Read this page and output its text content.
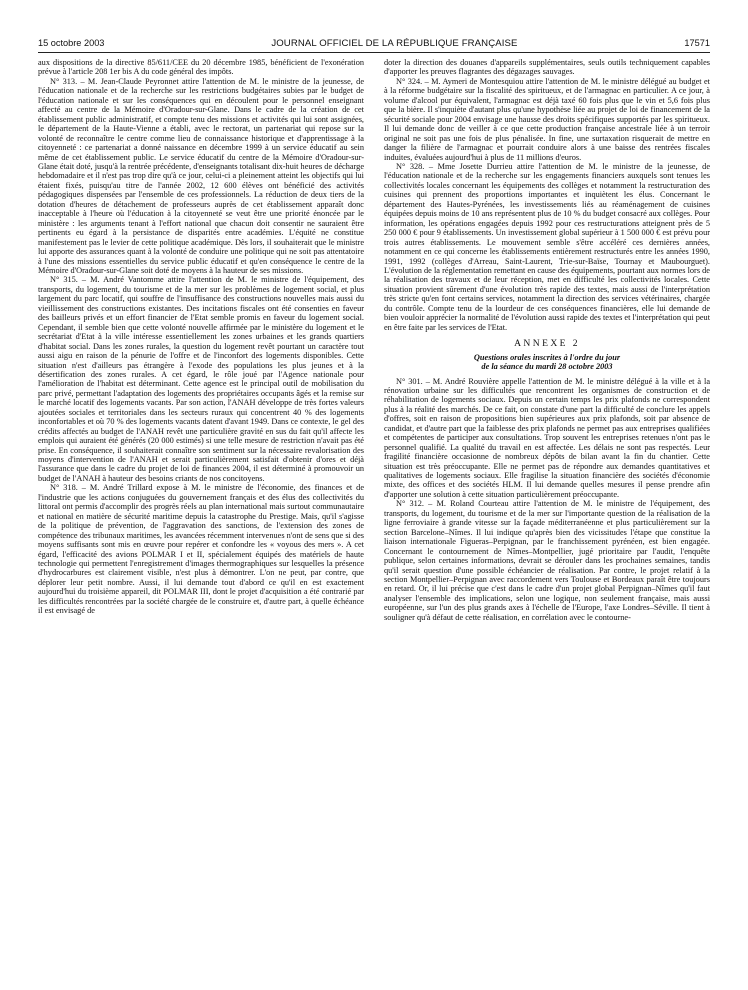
15 octobre 2003	JOURNAL OFFICIEL DE LA RÉPUBLIQUE FRANÇAISE	17571

aux dispositions de la directive 85/611/CEE du 20 décembre 1985, bénéficient de l'exonération prévue à l'article 208 1er bis A du code général des impôts.

N° 313. – M. Jean-Claude Peyronnet attire l'attention de M. le ministre de la jeunesse, de l'éducation nationale et de la recherche sur les restrictions budgétaires subies par le budget de l'éducation nationale et sur les conséquences qui en découlent pour le personnel enseignant affecté au centre de la Mémoire d'Oradour-sur-Glane. Dans le cadre de la création de cet établissement public administratif, et compte tenu des missions et activités qui lui sont assignées, le département de la Haute-Vienne a établi, avec le rectorat, un partenariat qui repose sur la volonté de reconnaître le centre comme lieu de connaissance historique et d'apprentissage à la citoyenneté : ce partenariat a donné naissance en décembre 1999 à un service éducatif au sein même de cet établissement public. Le service éducatif du centre de la Mémoire d'Oradour-sur-Glane était doté, jusqu'à la rentrée précédente, d'enseignants totalisant dix-huit heures de décharge hebdomadaire et il n'est pas trop dire qu'à ce jour, celui-ci a pleinement atteint les objectifs qui lui étaient fixés, puisqu'au titre de l'année 2002, 12 600 élèves ont bénéficié des activités pédagogiques dispensées par l'ensemble de ces professionnels. La réduction de deux tiers de la dotation d'heures de détachement de professeurs auprès de cet établissement apparaît donc inacceptable à l'heure où l'éducation à la citoyenneté se veut être une priorité énoncée par le ministère : les arguments tenant à l'effort national que chacun doit consentir ne sauraient être pertinents eu égard à la persistance de disparités entre académies. L'équité ne constitue manifestement pas le levier de cette politique académique. Dès lors, il souhaiterait que le ministre lui apporte des assurances quant à la volonté de conduire une politique qui ne soit pas attentatoire à l'une des missions essentielles du service public éducatif et qu'en conséquence le centre de la Mémoire d'Oradour-sur-Glane soit doté de moyens à la hauteur de ses missions.

N° 315. – M. André Vantomme attire l'attention de M. le ministre de l'équipement, des transports, du logement, du tourisme et de la mer sur les problèmes de logement social, et plus largement du parc locatif, qui souffre de l'insuffisance des constructions nouvelles mais aussi du vieillissement des constructions existantes. Des incitations fiscales ont été consenties en faveur des bailleurs privés et un effort financier de l'Etat semble promis en faveur du logement social. Cependant, il semble bien que cette volonté nouvelle affirmée par le ministère du logement et le secrétariat d'Etat à la ville intéresse essentiellement les zones urbaines et les grands quartiers d'habitat social. Dans les zones rurales, la question du logement revêt pourtant un caractère tout aussi aigu en raison de la pénurie de l'offre et de l'inconfort des logements disponibles. Cette situation n'est d'ailleurs pas étrangère à l'exode des populations les plus jeunes et à la désertification des zones rurales. A cet égard, le rôle joué par l'Agence nationale pour l'amélioration de l'habitat est déterminant. Cette agence est le principal outil de mobilisation du parc privé, permettant l'adaptation des logements des propriétaires occupants âgés et la remise sur le marché locatif des logements vacants. Par son action, l'ANAH développe de très fortes valeurs ajoutées sociales et territoriales dans les secteurs ruraux qui concentrent 40 % des logements inconfortables et où 70 % des logements vacants datent d'avant 1949. Dans ce contexte, le gel des crédits affectés au budget de l'ANAH revêt une particulière gravité en sus du fait qu'il affecte les emplois qui auraient été générés (20 000 estimés) si une telle mesure de restriction n'avait pas été prise. En conséquence, il souhaiterait connaître son sentiment sur la nécessaire revalorisation des moyens d'intervention de l'ANAH et serait particulièrement satisfait d'obtenir d'ores et déjà l'assurance que dans le cadre du projet de loi de finances 2004, il est déterminé à promouvoir un budget de l'ANAH à hauteur des besoins criants de nos concitoyens.

N° 318. – M. André Trillard expose à M. le ministre de l'économie, des finances et de l'industrie que les actions conjuguées du gouvernement français et des élus des collectivités du littoral ont permis d'accomplir des progrès réels au plan international mais surtout communautaire et national en matière de sécurité maritime depuis la catastrophe du Prestige. Mais, qu'il s'agisse de la politique de prévention, de l'aggravation des sanctions, de l'extension des zones de compétence des tribunaux maritimes, les avancées récemment intervenues n'ont de sens que si des moyens suffisants sont mis en œuvre pour repérer et confondre les « voyous des mers ». A cet égard, l'efficacité des avions POLMAR I et II, spécialement équipés des matériels de haute technologie qui permettent l'enregistrement d'images thermographiques sur lesquelles la présence d'hydrocarbures est clairement visible, n'est plus à démontrer. L'on ne peut, par contre, que déplorer leur petit nombre. Aussi, il lui demande tout d'abord ce qu'il en est exactement aujourd'hui du troisième appareil, dit POLMAR III, dont le projet d'acquisition a été contrarié par les difficultés rencontrées par la société chargée de le construire et, d'autre part, à quelle échéance il est envisagé de

doter la direction des douanes d'appareils supplémentaires, seuls outils techniquement capables d'apporter les preuves flagrantes des dégazages sauvages.

N° 324. – M. Aymeri de Montesquiou attire l'attention de M. le ministre délégué au budget et à la réforme budgétaire sur la fiscalité des spiritueux, et de l'armagnac en particulier. A ce jour, à volume d'alcool pur équivalent, l'armagnac est déjà taxé 60 fois plus que le vin et 5,6 fois plus que la bière. Il s'inquiète d'autant plus qu'une hypothèse liée au projet de loi de financement de la sécurité sociale pour 2004 envisage une hausse des droits spécifiques supportés par les spiritueux. Il lui demande donc de veiller à ce que cette production française ancestrale liée à un terroir original ne soit pas une fois de plus pénalisée. In fine, une surtaxation risquerait de mettre en danger la filière de l'armagnac et pourrait conduire alors à une baisse des rentrées fiscales induites, évaluées aujourd'hui à plus de 11 millions d'euros.

N° 328. – Mme Josette Durrieu attire l'attention de M. le ministre de la jeunesse, de l'éducation nationale et de la recherche sur les engagements financiers auxquels sont tenues les collectivités locales concernant les équipements des collèges et notamment la restructuration des cuisines qui prennent des proportions importantes et inquiètent les élus. Concernant le département des Hautes-Pyrénées, les investissements liés au réaménagement de cuisines équipées depuis moins de 10 ans représentent plus de 10 % du budget consacré aux collèges. Pour information, les opérations engagées depuis 1992 pour ces restructurations atteignent près de 5 250 000 € pour 9 établissements. Un investissement global supérieur à 1 500 000 € est prévu pour trois autres établissements. Le mouvement semble s'être accéléré ces dernières années, notamment en ce qui concerne les établissements entièrement restructurés entre les années 1990, 1991, 1992 (collèges d'Arreau, Saint-Laurent, Trie-sur-Baïse, Tournay et Maubourguet). L'évolution de la réglementation remettant en cause des équipements, pourtant aux normes lors de la réalisation des travaux et de leur réception, met en difficulté les collectivités locales. Cette situation provient sûrement d'une évolution très rapide des textes, mais aussi de l'interprétation très stricte qu'en font certains services, notamment la direction des services vétérinaires, chargée du contrôle. Compte tenu de la lourdeur de ces conséquences financières, elle lui demande de bien vouloir apprécier la normalité de l'évolution aussi rapide des textes et l'interprétation qui peut en être faite par les services de l'Etat.

ANNEXE 2
Questions orales inscrites à l'ordre du jour
de la séance du mardi 28 octobre 2003

N° 301. – M. André Rouvière appelle l'attention de M. le ministre délégué à la ville et à la rénovation urbaine sur les difficultés que rencontrent les organismes de construction et de réhabilitation de logements sociaux. Depuis un certain temps les prix plafonds ne correspondent plus à la réalité des marchés. De ce fait, on constate d'une part la difficulté de conclure les appels d'offres, soit en raison de propositions bien supérieures aux prix plafonds, soit par absence de candidat, et d'autre part que la faiblesse des prix plafonds ne permet pas aux entreprises qualifiées et compétentes de participer aux consultations. Trop souvent les entreprises retenues n'ont pas le personnel qualifié. La qualité du travail en est affectée. Les délais ne sont pas respectés. Leur fragilité financière occasionne de nombreux dépôts de bilan avant la fin du chantier. Cette situation est très préoccupante. Elle ne permet pas de répondre aux demandes quantitatives et qualitatives de logements sociaux. Elle fragilise la situation financière des sociétés d'économie mixte, des offices et des sociétés HLM. Il lui demande quelles mesures il pense prendre afin d'apporter une solution à cette situation particulièrement préoccupante.

N° 312. – M. Roland Courteau attire l'attention de M. le ministre de l'équipement, des transports, du logement, du tourisme et de la mer sur l'importante question de la réalisation de la ligne ferroviaire à grande vitesse sur la façade méditerranéenne et plus particulièrement sur la section Barcelone–Nîmes. Il lui indique qu'après bien des vicissitudes l'étape que constitue la liaison internationale Figueras–Perpignan, par le franchissement pyrénéen, est bien engagée. Concernant le contournement de Nîmes–Montpellier, jugé prioritaire par l'audit, l'enquête publique, selon certaines informations, devrait se dérouler dans les prochaines semaines, tandis qu'il serait question d'une possible échéancier de réalisation. Par contre, le projet relatif à la section Montpellier–Perpignan avec raccordement vers Toulouse et Bordeaux paraît être toujours en retard. Or, il lui précise que c'est dans le cadre d'un projet global Perpignan–Nîmes qu'il faut analyser l'ensemble des implications, selon une logique, non seulement française, mais aussi européenne, sur l'un des plus grands axes à l'échelle de l'Europe, l'axe Londres–Séville. Il tient à souligner qu'à défaut de cette réalisation, en corrélation avec le contourne-
